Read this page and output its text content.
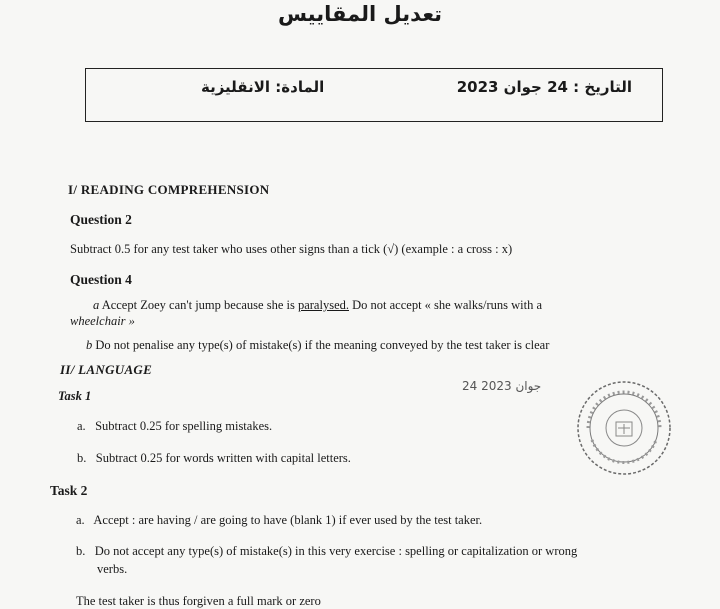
تعديل المقاييس
التاريخ : 24 جوان 2023
المادة: الانقليزية
I/ READING COMPREHENSION
Question 2
Subtract 0.5 for any test taker who uses other signs than a tick (√) (example : a cross : x)
Question 4
a Accept Zoey can't jump because she is paralysed. Do not accept « she walks/runs with a
wheelchair »
b Do not penalise any type(s) of mistake(s) if the meaning conveyed by the test taker is clear
II/ LANGUAGE
Task 1
a. Subtract 0.25 for spelling mistakes.
b. Subtract 0.25 for words written with capital letters.
Task 2
a. Accept : are having / are going to have (blank 1) if ever used by the test taker.
b. Do not accept any type(s) of mistake(s) in this very exercise : spelling or capitalization or wrong
verbs.
The test taker is thus forgiven a full mark or zero
24 جوان 2023
